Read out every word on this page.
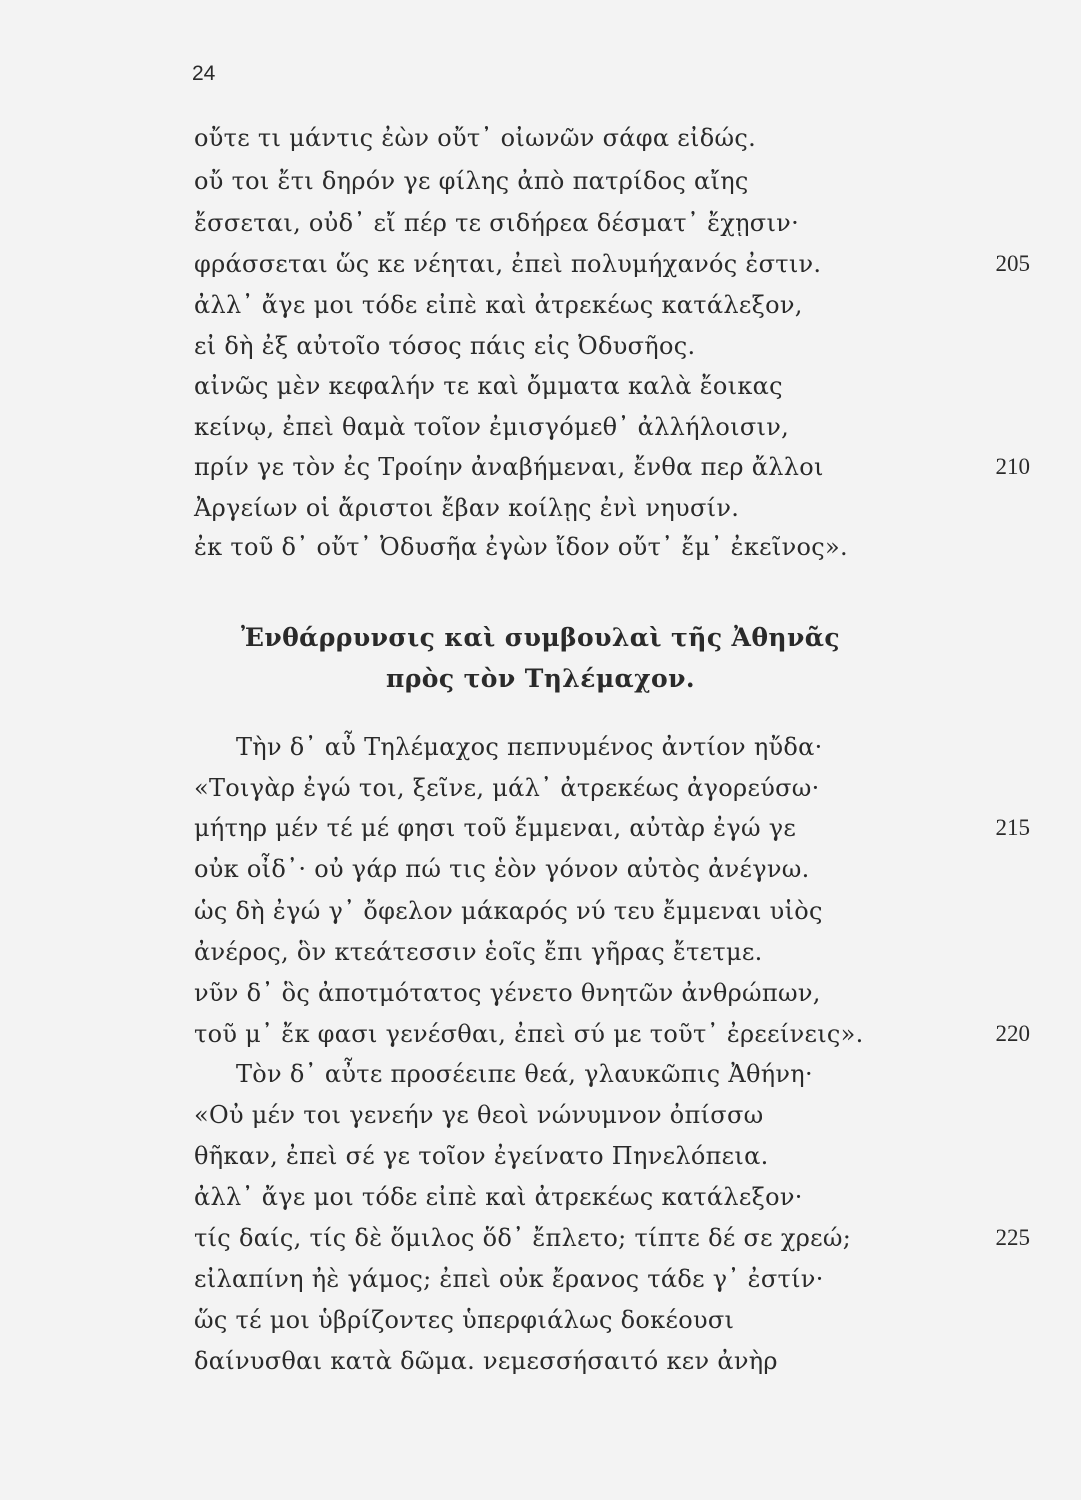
24
οὔτε τι μάντις ἐὼν οὔτ᾽ οἰωνῶν σάφα εἰδώς.
οὔ τοι ἔτι δηρόν γε φίλης ἀπὸ πατρίδος αἴης
ἔσσεται, οὐδ᾽ εἴ πέρ τε σιδήρεα δέσματ᾽ ἔχῃσιν·
φράσσεται ὥς κε νέηται, ἐπεὶ πολυμήχανός ἐστιν.
ἀλλ᾽ ἄγε μοι τόδε εἰπὲ καὶ ἀτρεκέως κατάλεξον,
εἰ δὴ ἐξ αὐτοῖο τόσος πάις εἰς Ὀδυσῆος.
αἰνῶς μὲν κεφαλήν τε καὶ ὄμματα καλὰ ἔοικας
κείνῳ, ἐπεὶ θαμὰ τοῖον ἐμισγόμεθ᾽ ἀλλήλοισιν,
πρίν γε τὸν ἐς Τροίην ἀναβήμεναι, ἔνθα περ ἄλλοι
Ἀργείων οἱ ἄριστοι ἔβαν κοίλῃς ἐνὶ νηυσίν.
ἐκ τοῦ δ᾽ οὔτ᾽ Ὀδυσῆα ἐγὼν ἴδον οὔτ᾽ ἔμ᾽ ἐκεῖνος».
205
210
Ἐνθάρρυνσις καὶ συμβουλαὶ τῆς Ἀθηνᾶς
πρὸς τὸν Τηλέμαχον.
Τὴν δ᾽ αὖ Τηλέμαχος πεπνυμένος ἀντίον ηὔδα·
«Τοιγὰρ ἐγώ τοι, ξεῖνε, μάλ᾽ ἀτρεκέως ἀγορεύσω·
μήτηρ μέν τέ μέ φησι τοῦ ἔμμεναι, αὐτὰρ ἐγώ γε
οὐκ οἶδ᾽· οὐ γάρ πώ τις ἑὸν γόνον αὐτὸς ἀνέγνω.
ὡς δὴ ἐγώ γ᾽ ὄφελον μάκαρός νύ τευ ἔμμεναι υἱὸς
ἀνέρος, ὃν κτεάτεσσιν ἑοῖς ἔπι γῆρας ἔτετμε.
νῦν δ᾽ ὃς ἀποτμότατος γένετο θνητῶν ἀνθρώπων,
τοῦ μ᾽ ἔκ φασι γενέσθαι, ἐπεὶ σύ με τοῦτ᾽ ἐρεείνεις».
Τὸν δ᾽ αὖτε προσέειπε θεά, γλαυκῶπις Ἀθήνη·
«Οὐ μέν τοι γενεήν γε θεοὶ νώνυμνον ὀπίσσω
θῆκαν, ἐπεὶ σέ γε τοῖον ἐγείνατο Πηνελόπεια.
ἀλλ᾽ ἄγε μοι τόδε εἰπὲ καὶ ἀτρεκέως κατάλεξον·
τίς δαίς, τίς δὲ ὅμιλος ὅδ᾽ ἔπλετο; τίπτε δέ σε χρεώ;
εἰλαπίνη ἠὲ γάμος; ἐπεὶ οὐκ ἔρανος τάδε γ᾽ ἐστίν·
ὥς τέ μοι ὑβρίζοντες ὑπερφιάλως δοκέουσι
δαίνυσθαι κατὰ δῶμα. νεμεσσήσαιτό κεν ἀνὴρ
215
220
225
